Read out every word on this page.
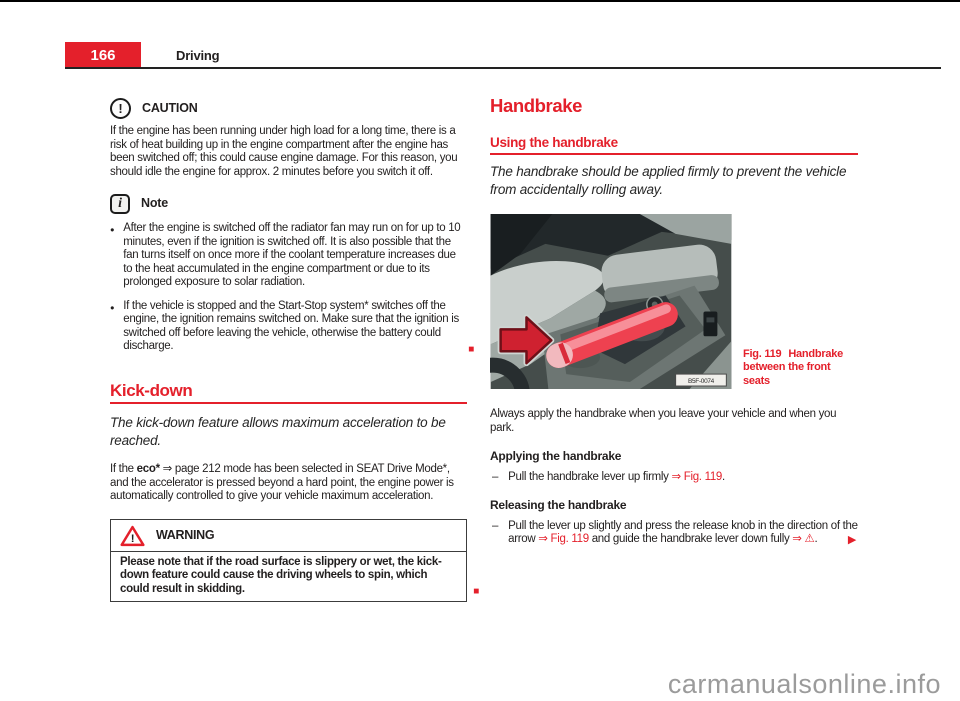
166	Driving
! CAUTION

If the engine has been running under high load for a long time, there is a risk of heat building up in the engine compartment after the engine has been switched off; this could cause engine damage. For this reason, you should idle the engine for approx. 2 minutes before you switch it off.

i Note
● After the engine is switched off the radiator fan may run on for up to 10 minutes, even if the ignition is switched off. It is also possible that the fan turns itself on once more if the coolant temperature increases due to the heat accumulated in the engine compartment or due to its prolonged exposure to solar radiation.
● If the vehicle is stopped and the Start-Stop system* switches off the engine, the ignition remains switched on. Make sure that the ignition is switched off before leaving the vehicle, otherwise the battery could discharge.	■
Kick-down

The kick-down feature allows maximum acceleration to be reached.

If the eco* ⇒ page 212 mode has been selected in SEAT Drive Mode*, and the accelerator is pressed beyond a hard point, the engine power is automatically controlled to give your vehicle maximum acceleration.

! WARNING
Please note that if the road surface is slippery or wet, the kick-down feature could cause the driving wheels to spin, which could result in skidding.	■
Handbrake
Using the handbrake

The handbrake should be applied firmly to prevent the vehicle from accidentally rolling away.

B5F-0074
Fig. 119 Handbrake between the front seats

Always apply the handbrake when you leave your vehicle and when you park.

Applying the handbrake
– Pull the handbrake lever up firmly ⇒ Fig. 119.
Releasing the handbrake
– Pull the lever up slightly and press the release knob in the direction of the arrow ⇒ Fig. 119 and guide the handbrake lever down fully ⇒ ⚠.	▶
carmanualsonline.info
